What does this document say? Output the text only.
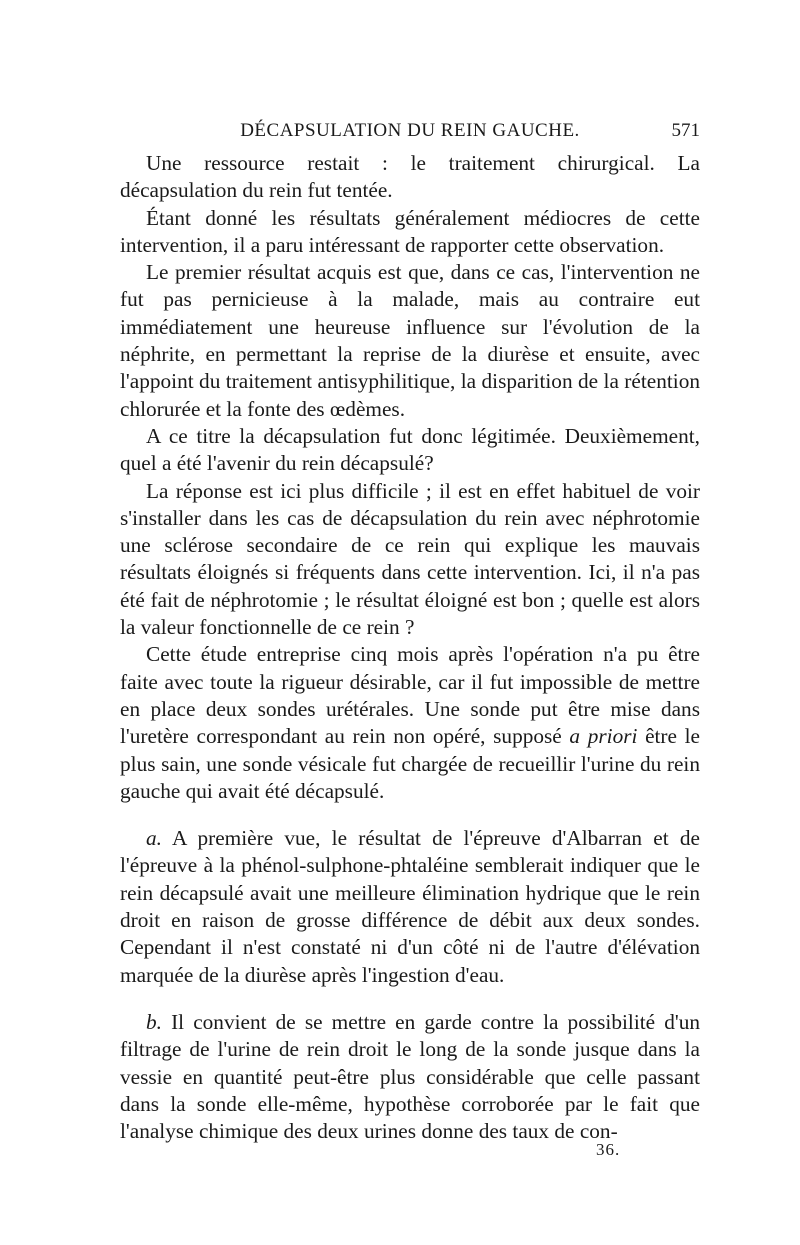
DÉCAPSULATION DU REIN GAUCHE.	571

Une ressource restait : le traitement chirurgical. La décapsulation du rein fut tentée.

Étant donné les résultats généralement médiocres de cette intervention, il a paru intéressant de rapporter cette observation.

Le premier résultat acquis est que, dans ce cas, l'intervention ne fut pas pernicieuse à la malade, mais au contraire eut immédiatement une heureuse influence sur l'évolution de la néphrite, en permettant la reprise de la diurèse et ensuite, avec l'appoint du traitement antisyphilitique, la disparition de la rétention chlorurée et la fonte des œdèmes.

A ce titre la décapsulation fut donc légitimée. Deuxièmement, quel a été l'avenir du rein décapsulé?

La réponse est ici plus difficile ; il est en effet habituel de voir s'installer dans les cas de décapsulation du rein avec néphrotomie une sclérose secondaire de ce rein qui explique les mauvais résultats éloignés si fréquents dans cette intervention. Ici, il n'a pas été fait de néphrotomie ; le résultat éloigné est bon ; quelle est alors la valeur fonctionnelle de ce rein ?

Cette étude entreprise cinq mois après l'opération n'a pu être faite avec toute la rigueur désirable, car il fut impossible de mettre en place deux sondes urétérales. Une sonde put être mise dans l'uretère correspondant au rein non opéré, supposé a priori être le plus sain, une sonde vésicale fut chargée de recueillir l'urine du rein gauche qui avait été décapsulé.

a. A première vue, le résultat de l'épreuve d'Albarran et de l'épreuve à la phénol-sulphone-phtaléine semblerait indiquer que le rein décapsulé avait une meilleure élimination hydrique que le rein droit en raison de grosse différence de débit aux deux sondes. Cependant il n'est constaté ni d'un côté ni de l'autre d'élévation marquée de la diurèse après l'ingestion d'eau.

b. Il convient de se mettre en garde contre la possibilité d'un filtrage de l'urine de rein droit le long de la sonde jusque dans la vessie en quantité peut-être plus considérable que celle passant dans la sonde elle-même, hypothèse corroborée par le fait que l'analyse chimique des deux urines donne des taux de con-

36.
